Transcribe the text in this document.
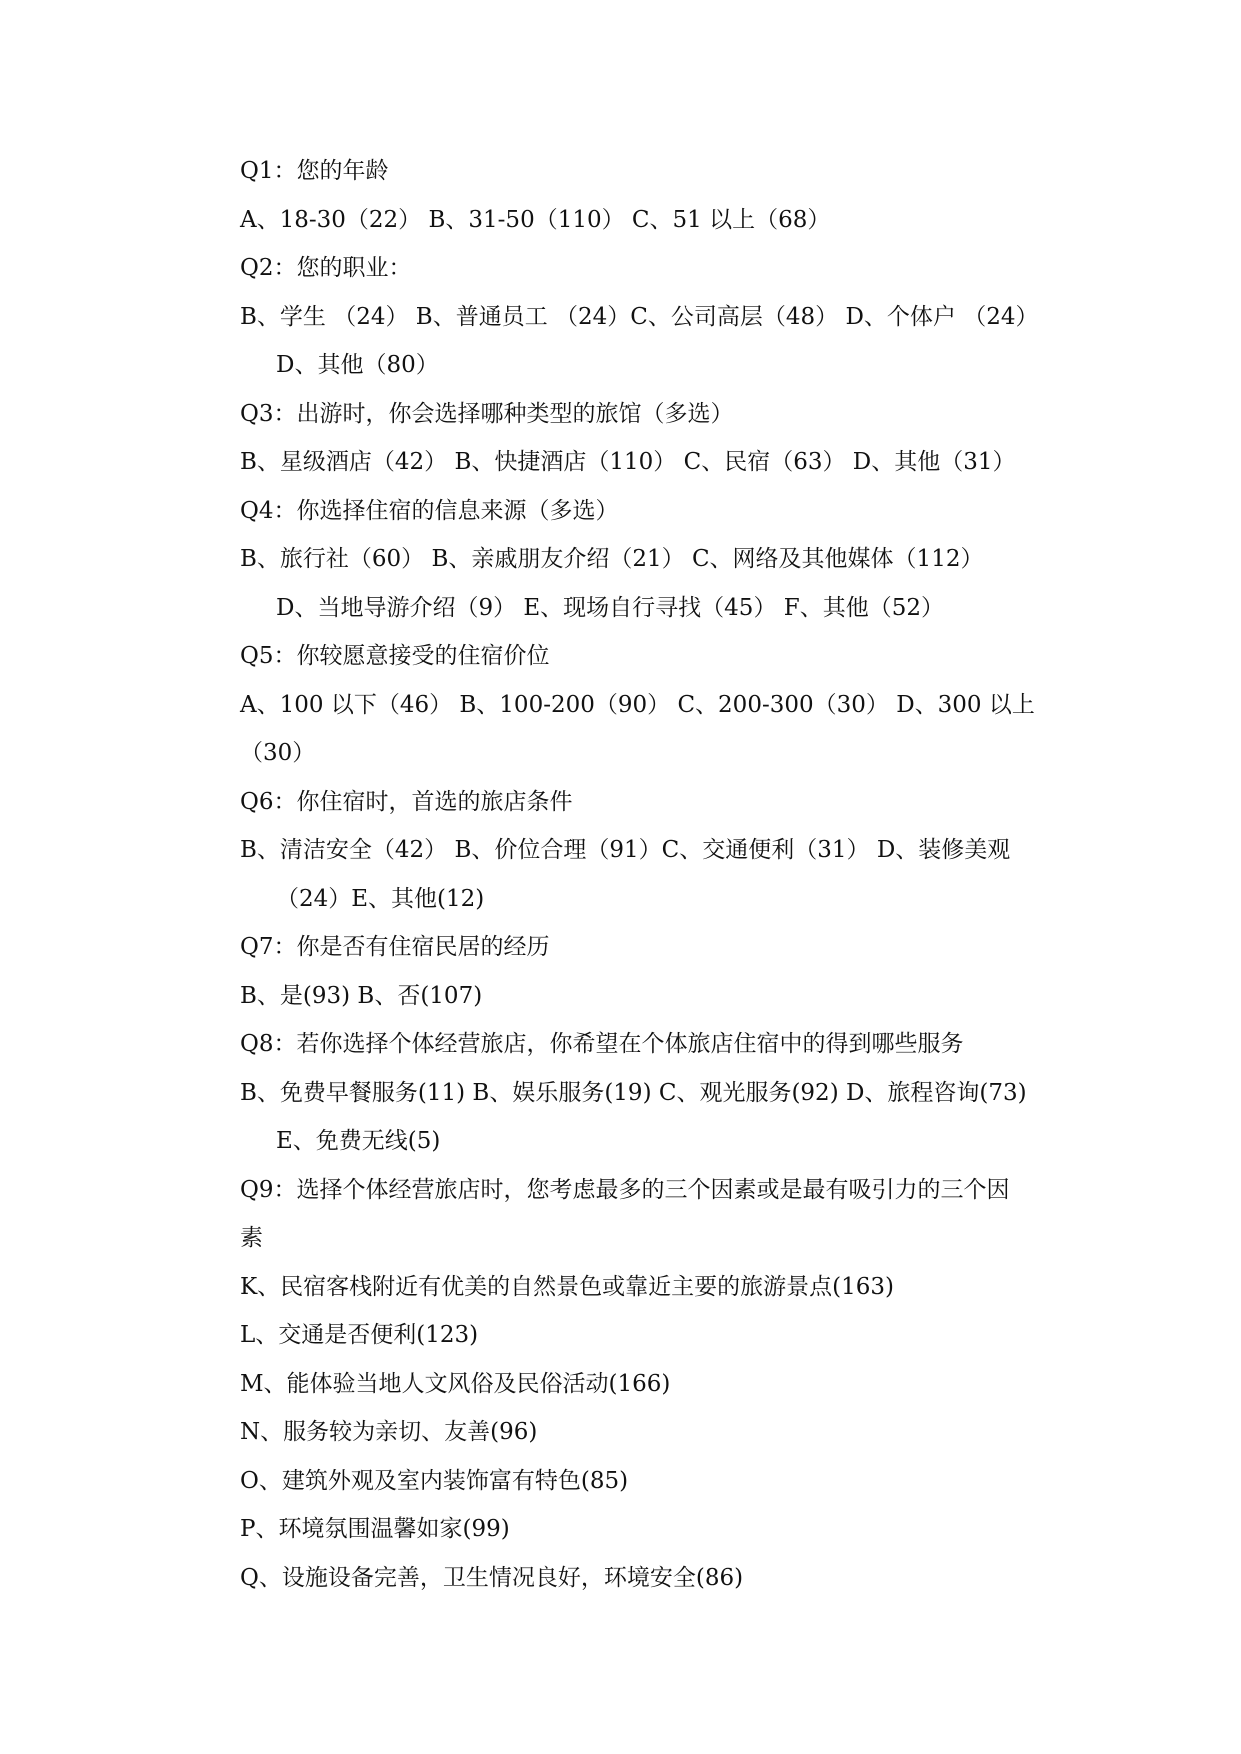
Q1：您的年龄
A、18-30（22） B、31-50（110） C、51 以上（68）
Q2：您的职业：
B、学生 （24） B、普通员工 （24）C、公司高层（48） D、个体户 （24）
D、其他（80）
Q3：出游时，你会选择哪种类型的旅馆（多选）
B、星级酒店（42） B、快捷酒店（110） C、民宿（63） D、其他（31）
Q4：你选择住宿的信息来源（多选）
B、旅行社（60） B、亲戚朋友介绍（21） C、网络及其他媒体（112）
D、当地导游介绍（9） E、现场自行寻找（45） F、其他（52）
Q5：你较愿意接受的住宿价位
A、100 以下（46） B、100-200（90） C、200-300（30） D、300 以上
（30）
Q6：你住宿时，首选的旅店条件
B、清洁安全（42） B、价位合理（91）C、交通便利（31） D、装修美观
（24）E、其他(12)
Q7：你是否有住宿民居的经历
B、是(93) B、否(107)
Q8：若你选择个体经营旅店，你希望在个体旅店住宿中的得到哪些服务
B、免费早餐服务(11) B、娱乐服务(19) C、观光服务(92) D、旅程咨询(73)
E、免费无线(5)
Q9：选择个体经营旅店时，您考虑最多的三个因素或是最有吸引力的三个因
素
K、民宿客栈附近有优美的自然景色或靠近主要的旅游景点(163)
L、交通是否便利(123)
M、能体验当地人文风俗及民俗活动(166)
N、服务较为亲切、友善(96)
O、建筑外观及室内装饰富有特色(85)
P、环境氛围温馨如家(99)
Q、设施设备完善，卫生情况良好，环境安全(86)
